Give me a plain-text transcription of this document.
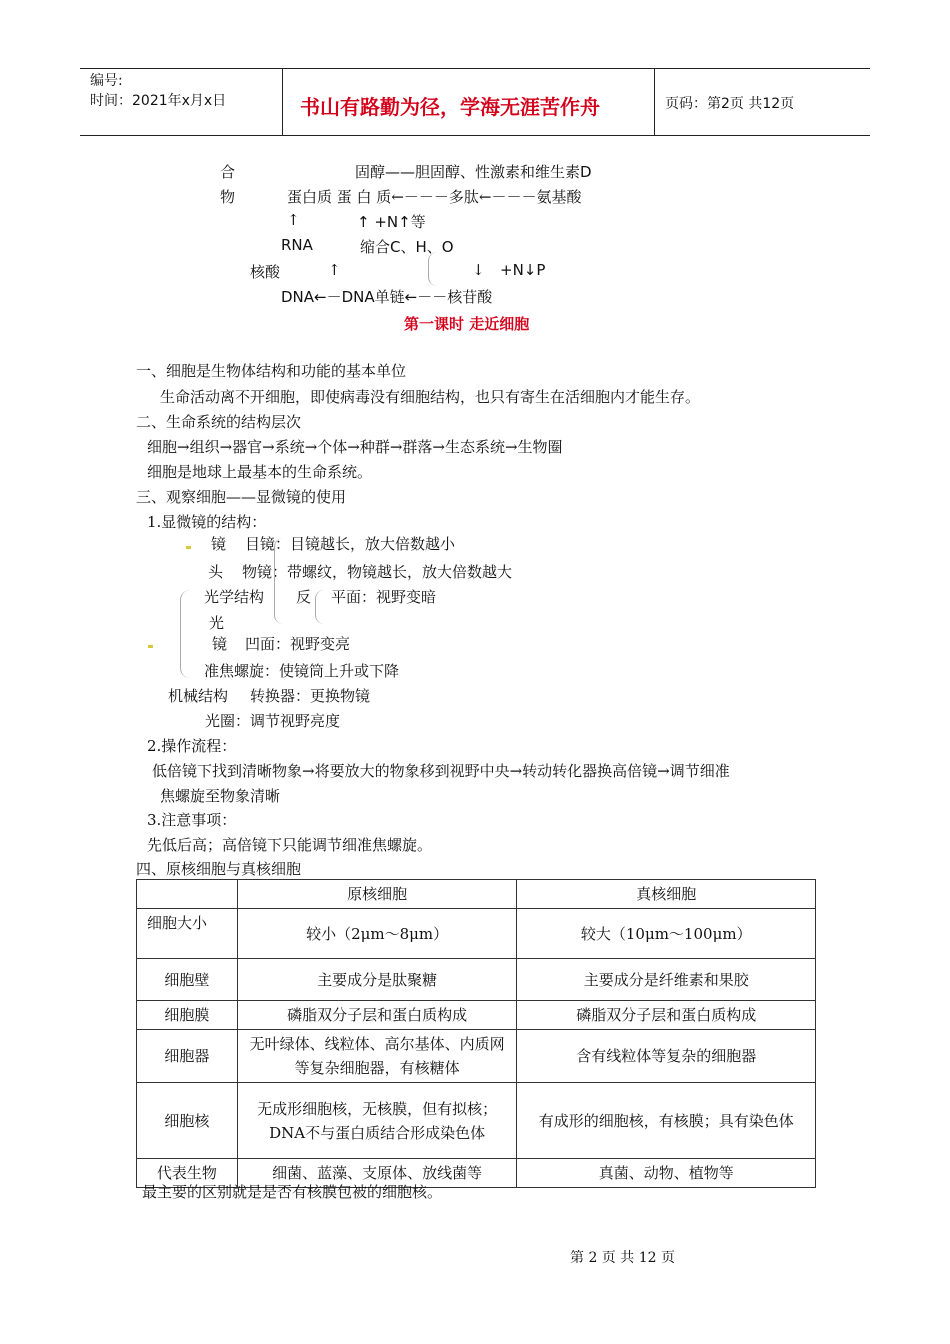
编号:
时间：2021年x月x日	书山有路勤为径，学海无涯苦作舟	页码：第2页 共12页
合	固醇——胆固醇、性激素和维生素D
物	蛋白质 蛋 白 质←－－－多肽←－－－氨基酸
↑	↑ +N↑等
RNA	缩合C、H、O
核酸	↑	↓ +N↓P
DNA←－DNA单链←－－核苷酸
第一课时 走近细胞
一、细胞是生物体结构和功能的基本单位
生命活动离不开细胞，即使病毒没有细胞结构，也只有寄生在活细胞内才能生存。
二、生命系统的结构层次
细胞→组织→器官→系统→个体→种群→群落→生态系统→生物圈
细胞是地球上最基本的生命系统。
三、观察细胞——显微镜的使用
1.显微镜的结构：
镜 目镜：目镜越长，放大倍数越小
头 物镜：带螺纹，物镜越长，放大倍数越大
光学结构 反 平面：视野变暗
光
镜 凹面：视野变亮
准焦螺旋：使镜筒上升或下降
机械结构 转换器：更换物镜
光圈：调节视野亮度
2.操作流程：
低倍镜下找到清晰物象→将要放大的物象移到视野中央→转动转化器换高倍镜→调节细准
焦螺旋至物象清晰
3.注意事项：
先低后高；高倍镜下只能调节细准焦螺旋。
四、原核细胞与真核细胞
	原核细胞	真核细胞
细胞大小	较小（2μm～8μm）	较大（10μm～100μm）
细胞壁	主要成分是肽聚糖	主要成分是纤维素和果胶
细胞膜	磷脂双分子层和蛋白质构成	磷脂双分子层和蛋白质构成
细胞器	无叶绿体、线粒体、高尔基体、内质网等复杂细胞器，有核糖体	含有线粒体等复杂的细胞器
细胞核	无成形细胞核，无核膜，但有拟核；DNA不与蛋白质结合形成染色体	有成形的细胞核，有核膜；具有染色体
代表生物	细菌、蓝藻、支原体、放线菌等	真菌、动物、植物等
最主要的区别就是是否有核膜包被的细胞核。
第 2 页 共 12 页
